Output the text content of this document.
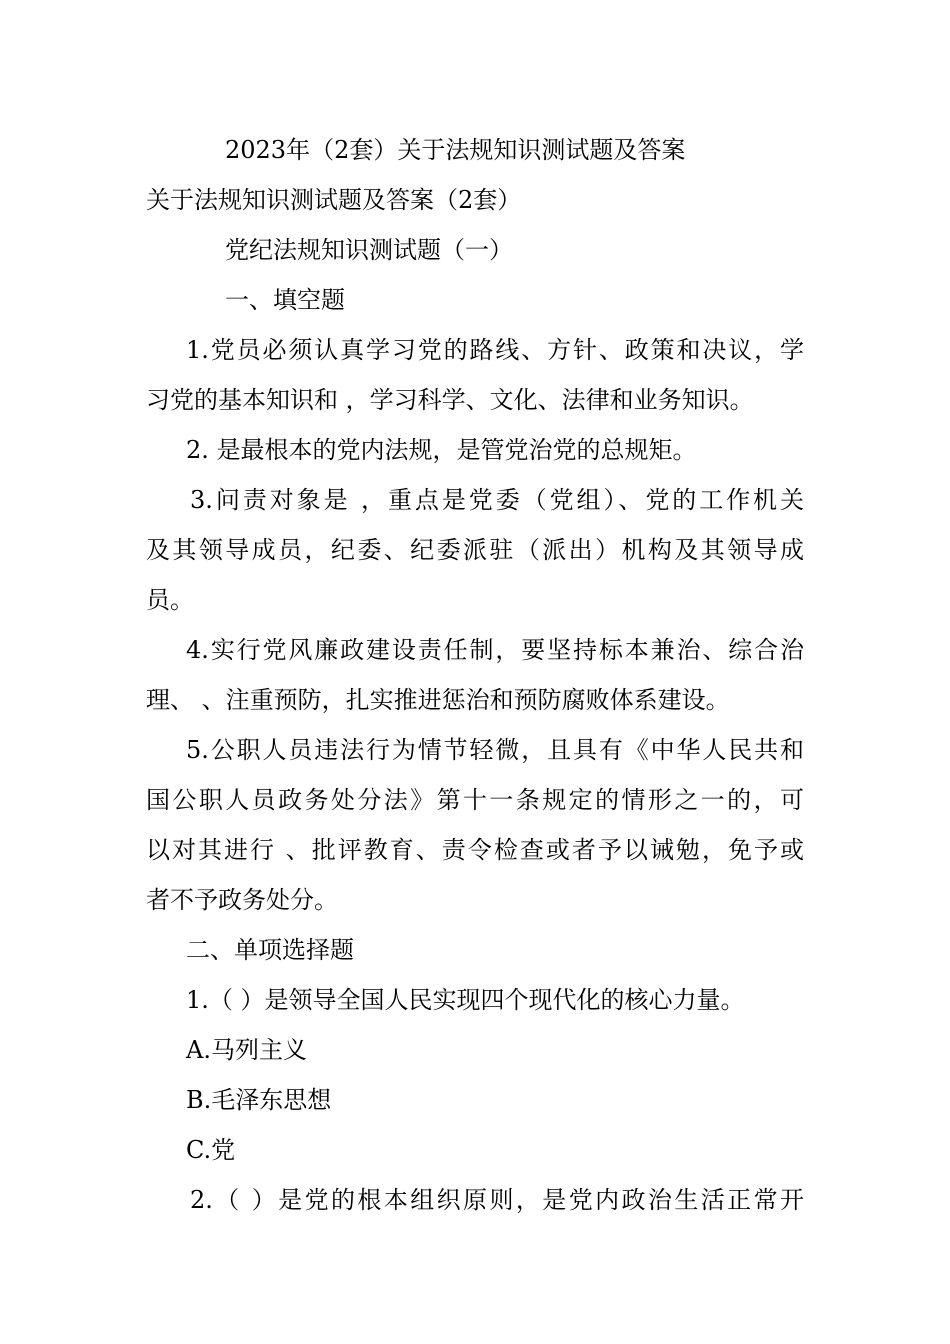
2023年（2套）关于法规知识测试题及答案
关于法规知识测试题及答案（2套）
党纪法规知识测试题（一）
一、填空题
1.党员必须认真学习党的路线、方针、政策和决议，学
习党的基本知识和 ，学习科学、文化、法律和业务知识。
2. 是最根本的党内法规，是管党治党的总规矩。
3.问责对象是 ，重点是党委（党组）、党的工作机关
及其领导成员，纪委、纪委派驻（派出）机构及其领导成
员。
4.实行党风廉政建设责任制，要坚持标本兼治、综合治
理、 、注重预防，扎实推进惩治和预防腐败体系建设。
5.公职人员违法行为情节轻微，且具有《中华人民共和
国公职人员政务处分法》第十一条规定的情形之一的，可
以对其进行 、批评教育、责令检查或者予以诫勉，免予或
者不予政务处分。
二、单项选择题
1.（ ）是领导全国人民实现四个现代化的核心力量。
A.马列主义
B.毛泽东思想
C.党
2.（ ）是党的根本组织原则，是党内政治生活正常开
